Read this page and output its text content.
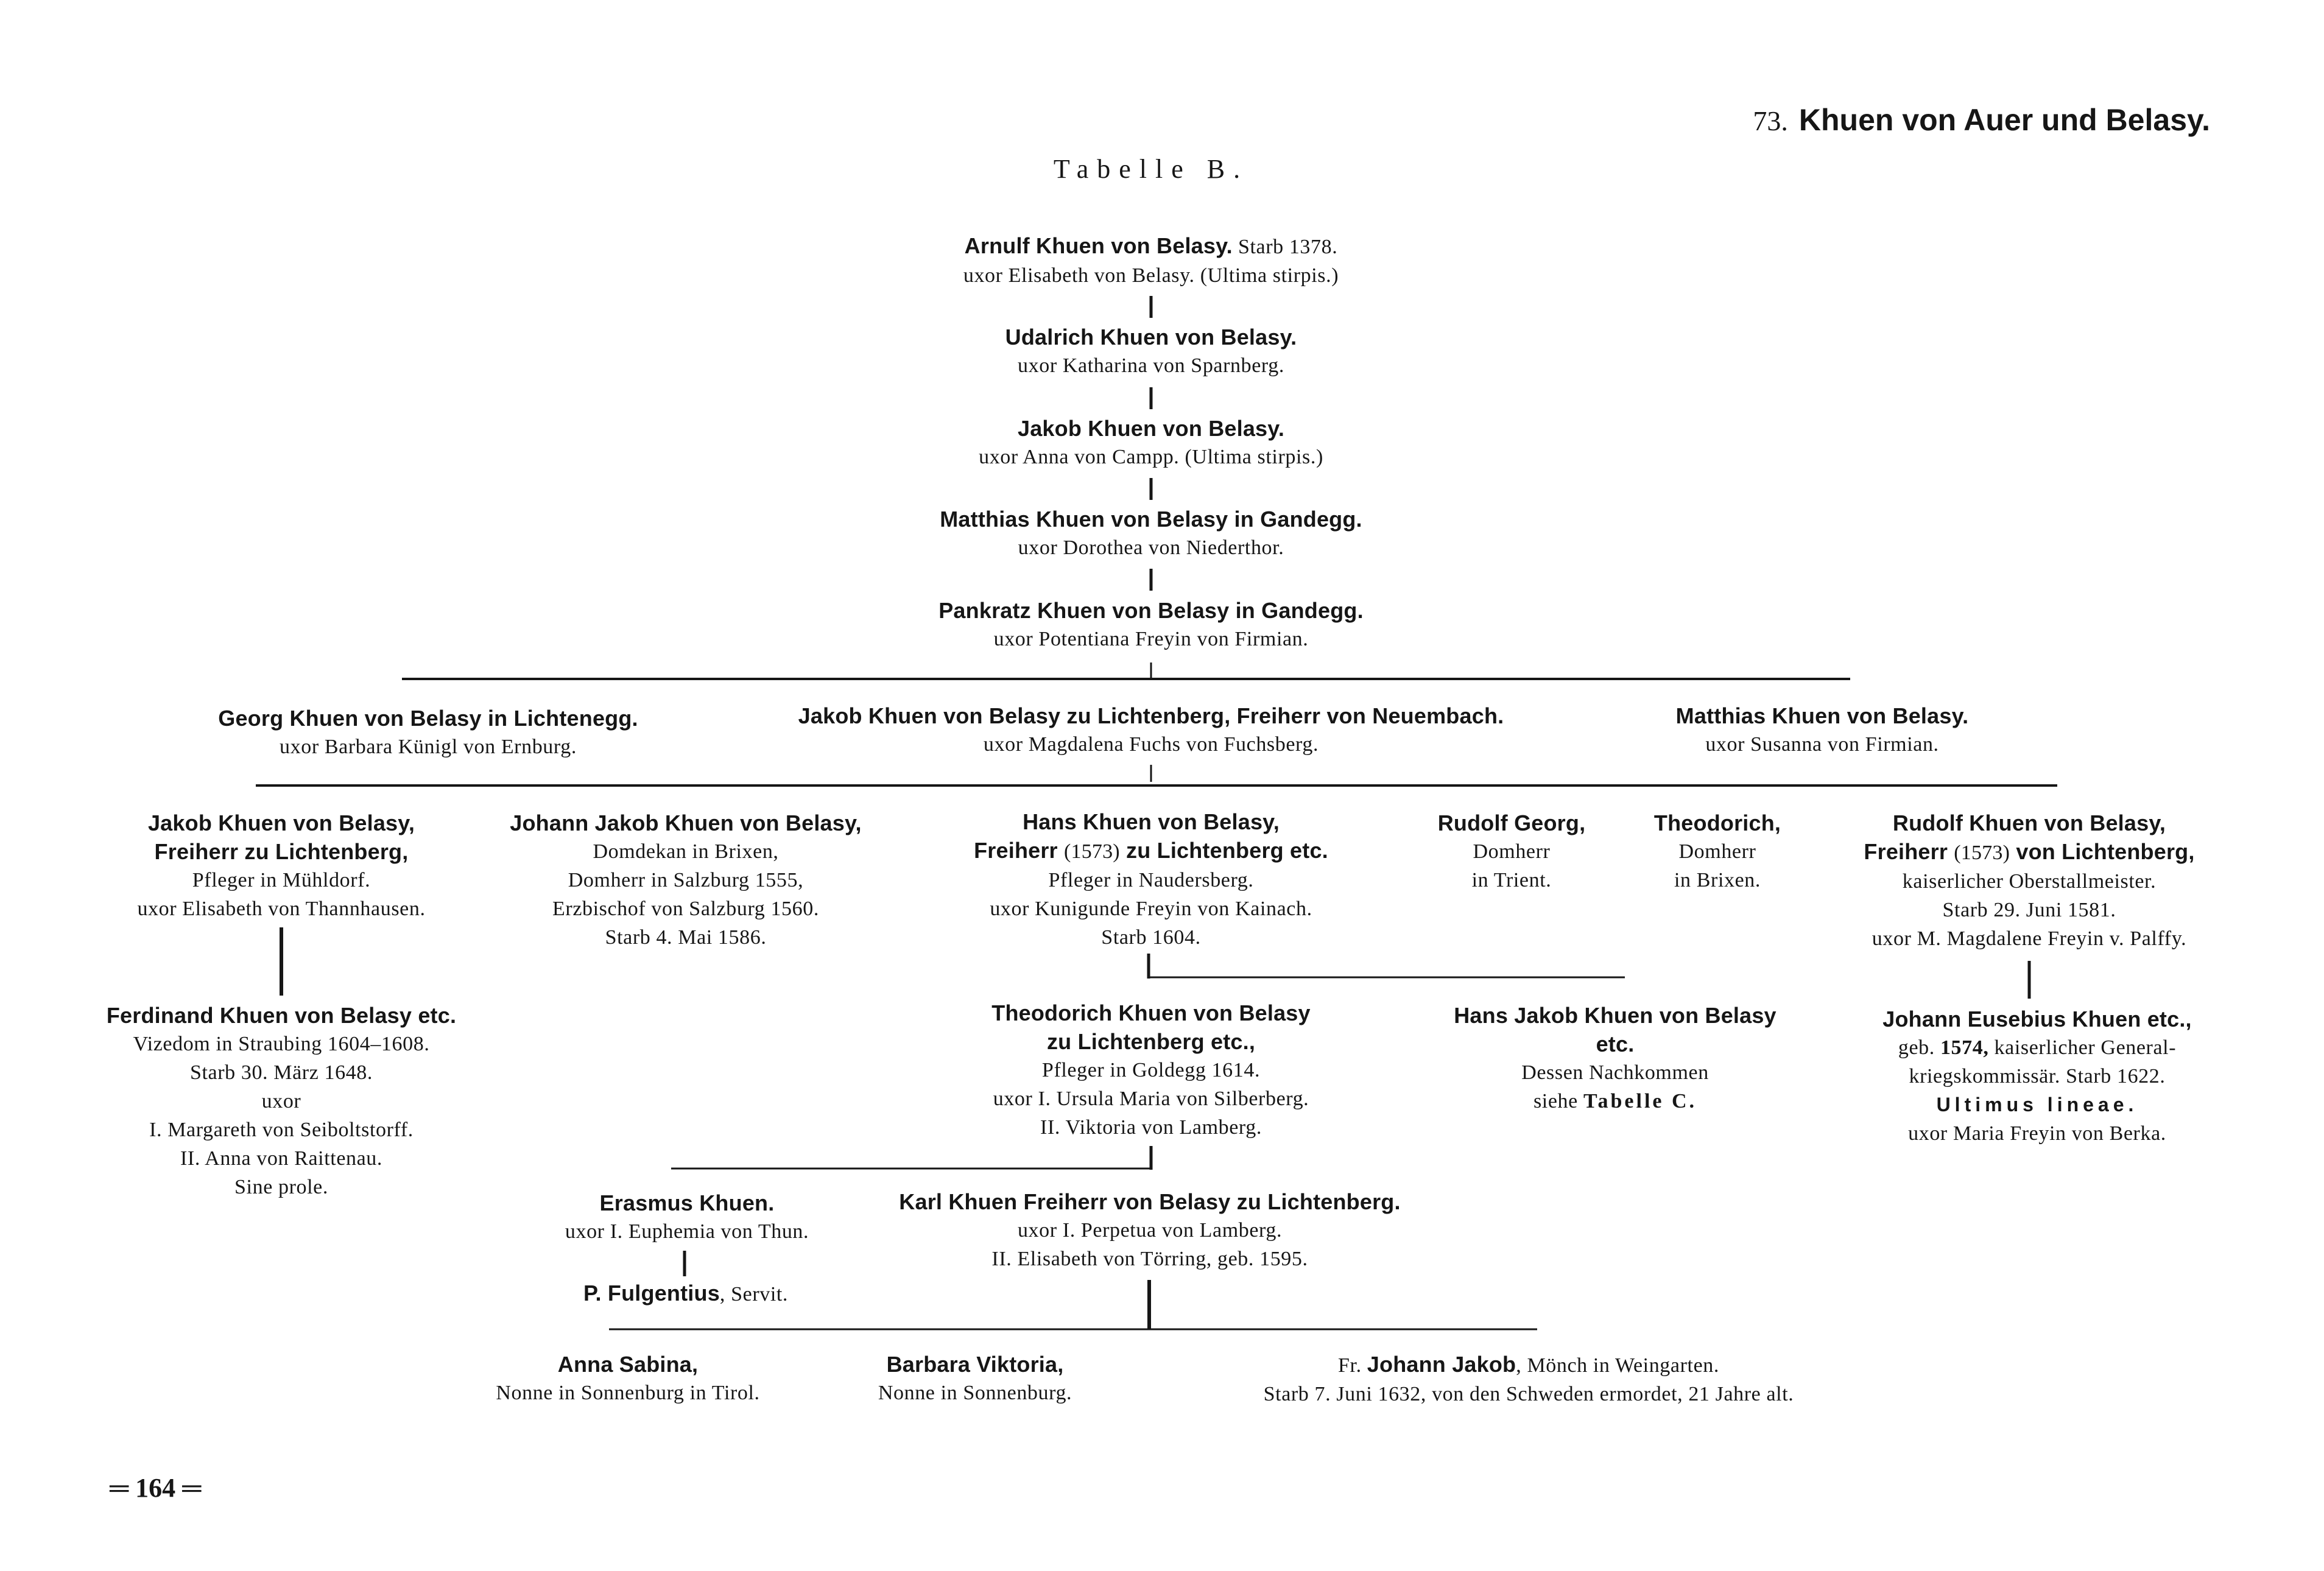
73. Khuen von Auer und Belasy.
Tabelle B.
Arnulf Khuen von Belasy. Starb 1378.
uxor Elisabeth von Belasy. (Ultima stirpis.)
Udalrich Khuen von Belasy.
uxor Katharina von Sparnberg.
Jakob Khuen von Belasy.
uxor Anna von Campp. (Ultima stirpis.)
Matthias Khuen von Belasy in Gandegg.
uxor Dorothea von Niederthor.
Pankratz Khuen von Belasy in Gandegg.
uxor Potentiana Freyin von Firmian.
Georg Khuen von Belasy in Lichtenegg.
uxor Barbara Künigl von Ernburg.
Jakob Khuen von Belasy zu Lichtenberg, Freiherr von Neuembach.
uxor Magdalena Fuchs von Fuchsberg.
Matthias Khuen von Belasy.
uxor Susanna von Firmian.
Jakob Khuen von Belasy,
Freiherr zu Lichtenberg,
Pfleger in Mühldorf.
uxor Elisabeth von Thannhausen.
Johann Jakob Khuen von Belasy,
Domdekan in Brixen,
Domherr in Salzburg 1555,
Erzbischof von Salzburg 1560.
Starb 4. Mai 1586.
Hans Khuen von Belasy,
Freiherr (1573) zu Lichtenberg etc.
Pfleger in Naudersberg.
uxor Kunigunde Freyin von Kainach.
Starb 1604.
Rudolf Georg,
Domherr
in Trient.
Theodorich,
Domherr
in Brixen.
Rudolf Khuen von Belasy,
Freiherr (1573) von Lichtenberg,
kaiserlicher Oberstallmeister.
Starb 29. Juni 1581.
uxor M. Magdalene Freyin v. Palffy.
Ferdinand Khuen von Belasy etc.
Vizedom in Straubing 1604–1608.
Starb 30. März 1648.
uxor
I. Margareth von Seiboltstorff.
II. Anna von Raittenau.
Sine prole.
Theodorich Khuen von Belasy
zu Lichtenberg etc.,
Pfleger in Goldegg 1614.
uxor I. Ursula Maria von Silberberg.
II. Viktoria von Lamberg.
Hans Jakob Khuen von Belasy
etc.
Dessen Nachkommen
siehe Tabelle C.
Johann Eusebius Khuen etc.,
geb. 1574, kaiserlicher General-
kriegskommissär. Starb 1622.
Ultimus lineae.
uxor Maria Freyin von Berka.
Erasmus Khuen.
uxor I. Euphemia von Thun.
P. Fulgentius, Servit.
Karl Khuen Freiherr von Belasy zu Lichtenberg.
uxor I. Perpetua von Lamberg.
II. Elisabeth von Törring, geb. 1595.
Anna Sabina,
Nonne in Sonnenburg in Tirol.
Barbara Viktoria,
Nonne in Sonnenburg.
Fr. Johann Jakob, Mönch in Weingarten.
Starb 7. Juni 1632, von den Schweden ermordet, 21 Jahre alt.
═ 164 ═
